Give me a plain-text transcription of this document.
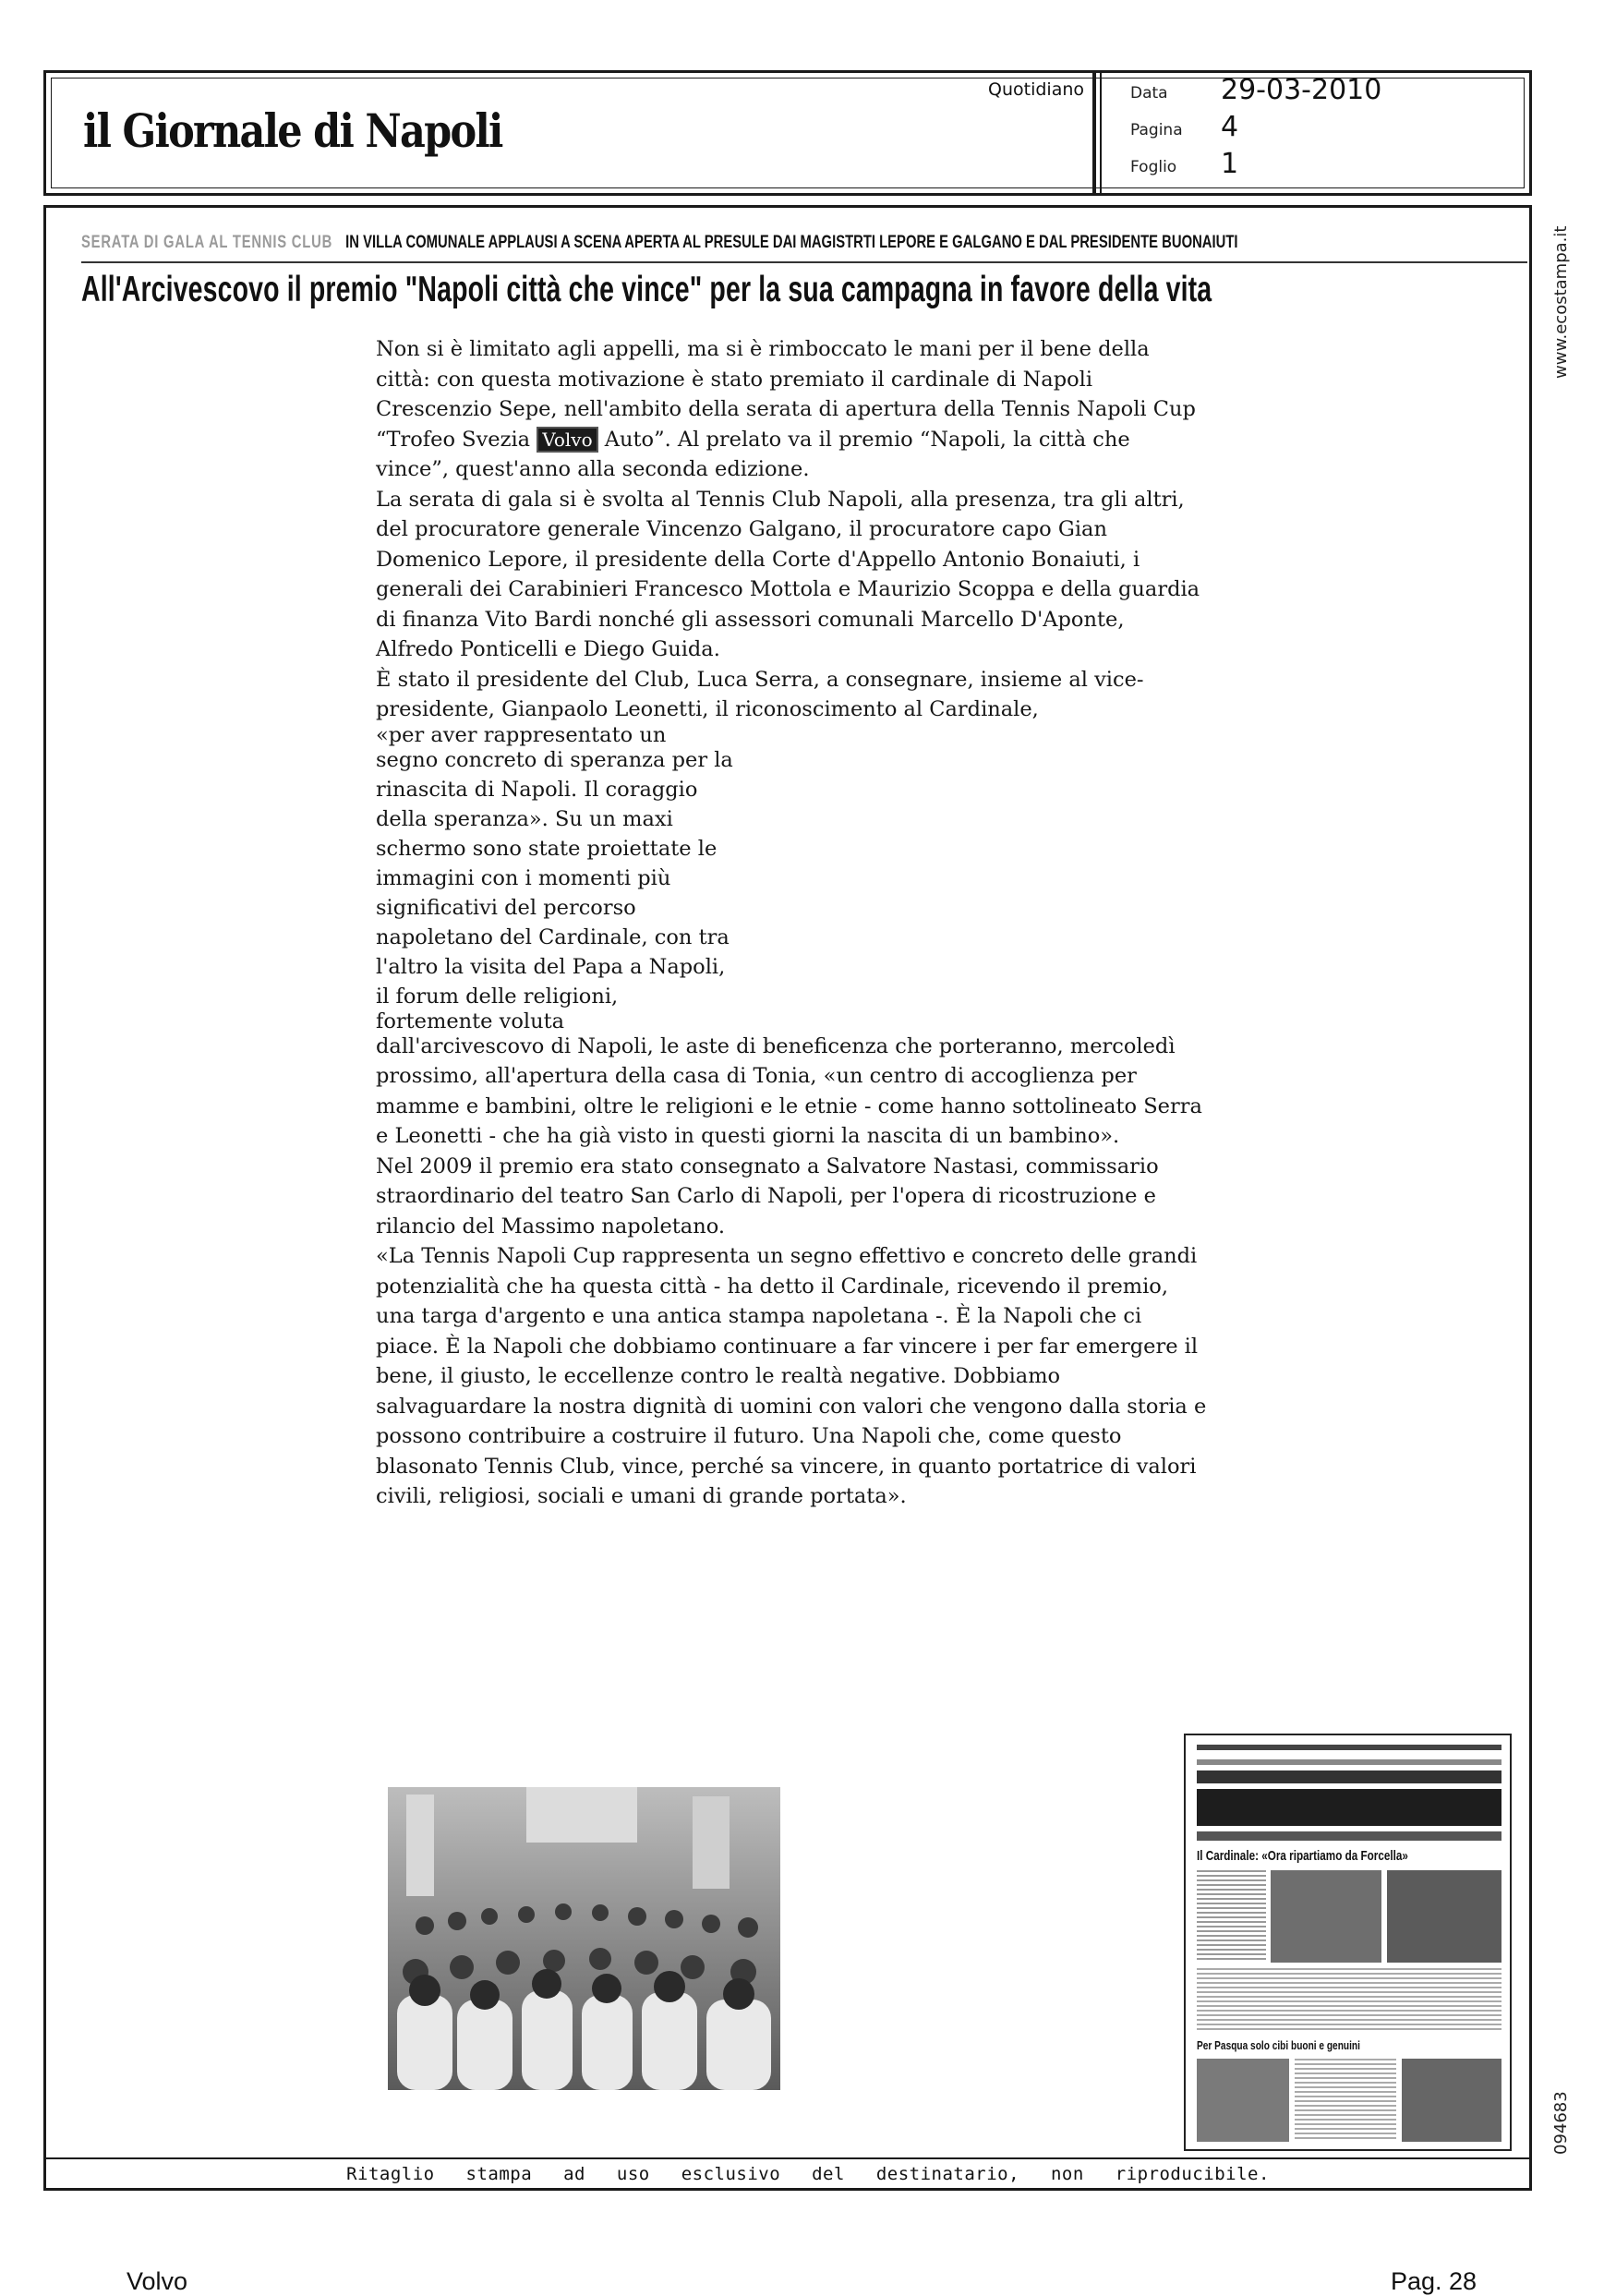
il Giornale di Napoli
Quotidiano	Data 29-03-2010
Pagina 4
Foglio 1
www.ecostampa.it
094683
SERATA DI GALA AL TENNIS CLUB IN VILLA COMUNALE APPLAUSI A SCENA APERTA AL PRESULE DAI MAGISTRTI LEPORE E GALGANO E DAL PRESIDENTE BUONAIUTI
All'Arcivescovo il premio "Napoli città che vince" per la sua campagna in favore della vita

Non si è limitato agli appelli, ma si è rimboccato le mani per il bene della città: con questa motivazione è stato premiato il cardinale di Napoli Crescenzio Sepe, nell'ambito della serata di apertura della Tennis Napoli Cup “Trofeo Svezia Volvo Auto”. Al prelato va il premio “Napoli, la città che vince”, quest'anno alla seconda edizione.

La serata di gala si è svolta al Tennis Club Napoli, alla presenza, tra gli altri, del procuratore generale Vincenzo Galgano, il procuratore capo Gian Domenico Lepore, il presidente della Corte d'Appello Antonio Bonaiuti, i generali dei Carabinieri Francesco Mottola e Maurizio Scoppa e della guardia di finanza Vito Bardi nonché gli assessori comunali Marcello D'Aponte, Alfredo Ponticelli e Diego Guida.

È stato il presidente del Club, Luca Serra, a consegnare, insieme al vice- presidente, Gianpaolo Leonetti, il riconoscimento al Cardinale,

«per aver rappresentato un
segno concreto di speranza per la
rinascita di Napoli. Il coraggio
della speranza». Su un maxi
schermo sono state proiettate le
immagini con i momenti più
significativi del percorso
napoletano del Cardinale, con tra
l'altro la visita del Papa a Napoli,
il forum delle religioni,
fortemente voluta

dall'arcivescovo di Napoli, le aste di beneficenza che porteranno, mercoledì prossimo, all'apertura della casa di Tonia, «un centro di accoglienza per mamme e bambini, oltre le religioni e le etnie - come hanno sottolineato Serra e Leonetti - che ha già visto in questi giorni la nascita di un bambino».

Nel 2009 il premio era stato consegnato a Salvatore Nastasi, commissario straordinario del teatro San Carlo di Napoli, per l'opera di ricostruzione e rilancio del Massimo napoletano.

«La Tennis Napoli Cup rappresenta un segno effettivo e concreto delle grandi potenzialità che ha questa città - ha detto il Cardinale, ricevendo il premio, una targa d'argento e una antica stampa napoletana -. È la Napoli che ci piace. È la Napoli che dobbiamo continuare a far vincere i per far emergere il bene, il giusto, le eccellenze contro le realtà negative. Dobbiamo salvaguardare la nostra dignità di uomini con valori che vengono dalla storia e possono contribuire a costruire il futuro. Una Napoli che, come questo blasonato Tennis Club, vince, perché sa vincere, in quanto portatrice di valori civili, religiosi, sociali e umani di grande portata».

Il Cardinale: «Ora ripartiamo da Forcella»
Per Pasqua solo cibi buoni e genuini
Ritaglio stampa ad uso esclusivo del destinatario, non riproducibile.
Volvo	Pag. 28
